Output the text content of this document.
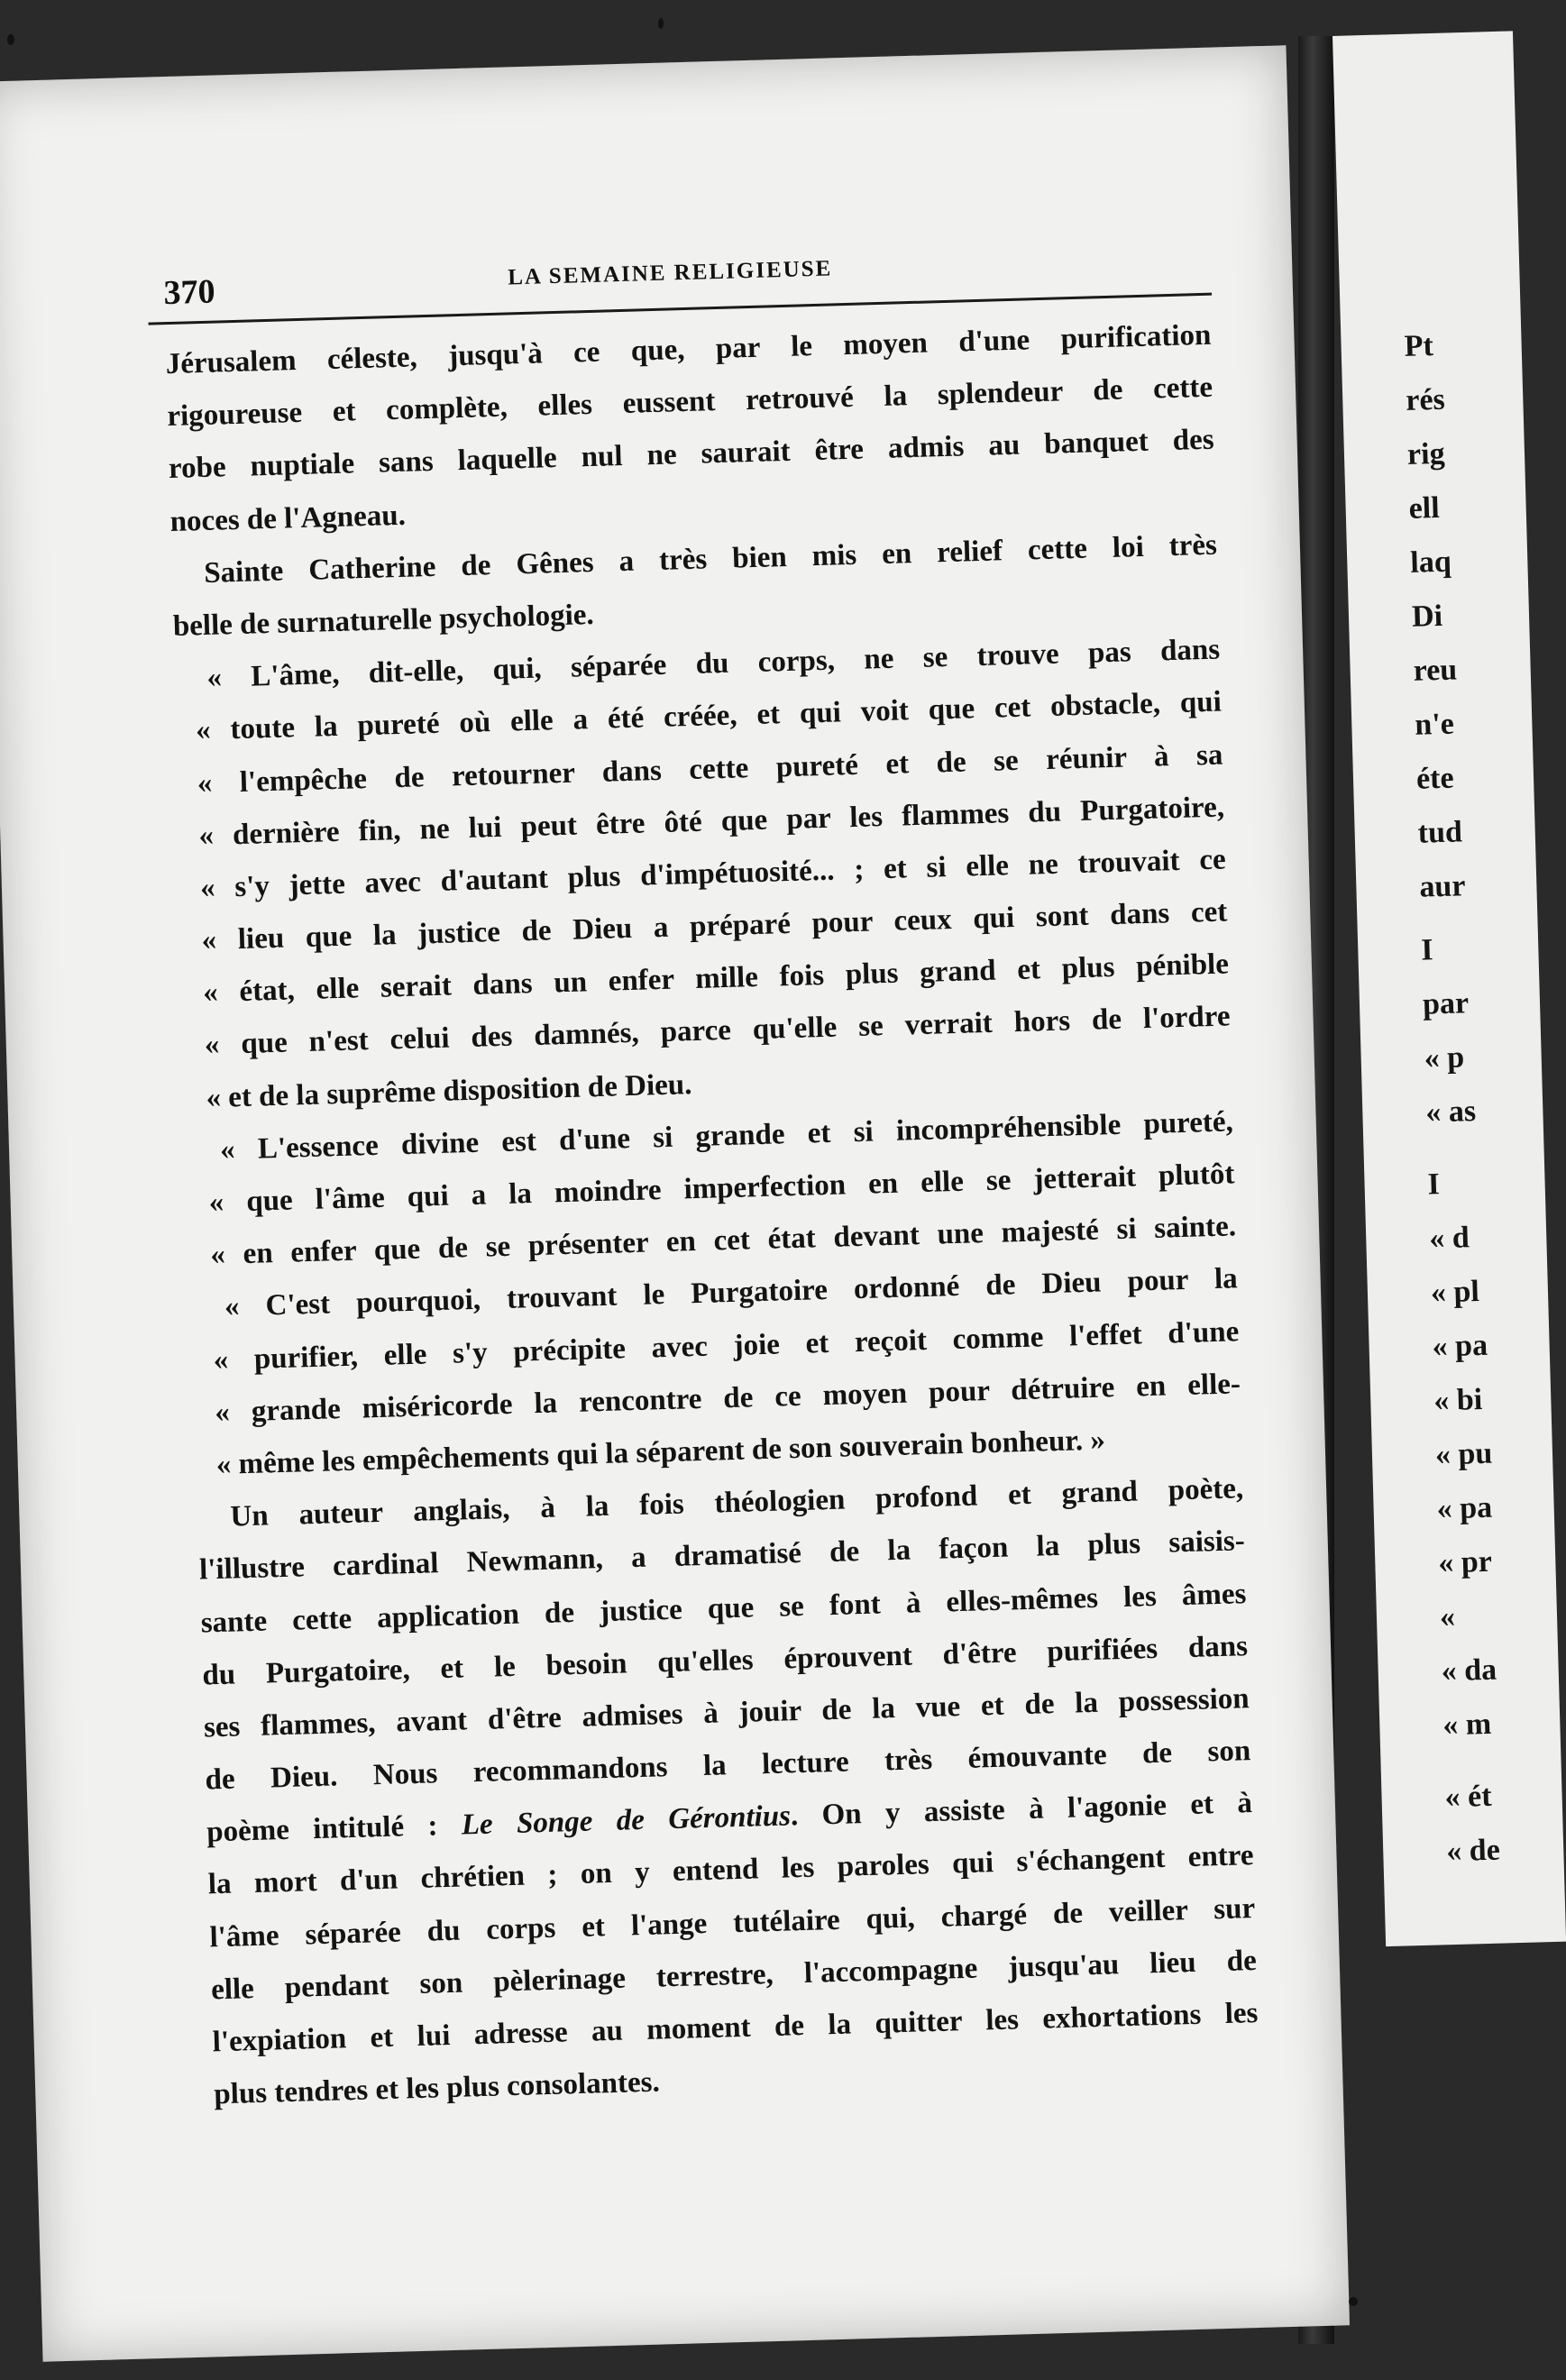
Pt
rés
rig
ell
laq
Di
reu
n'e
éte
tud
aur
I
par
« p
« as
I
« d
« pl
« pa
« bi
« pu
« pa
« pr
«
« da
« m
« ét
« de
370	LA SEMAINE RELIGIEUSE
Jérusalem céleste, jusqu'à ce que, par le moyen d'une purification
rigoureuse et complète, elles eussent retrouvé la splendeur de cette
robe nuptiale sans laquelle nul ne saurait être admis au banquet des
noces de l'Agneau.
Sainte Catherine de Gênes a très bien mis en relief cette loi très
belle de surnaturelle psychologie.
« L'âme, dit-elle, qui, séparée du corps, ne se trouve pas dans
« toute la pureté où elle a été créée, et qui voit que cet obstacle, qui
« l'empêche de retourner dans cette pureté et de se réunir à sa
« dernière fin, ne lui peut être ôté que par les flammes du Purgatoire,
« s'y jette avec d'autant plus d'impétuosité... ; et si elle ne trouvait ce
« lieu que la justice de Dieu a préparé pour ceux qui sont dans cet
« état, elle serait dans un enfer mille fois plus grand et plus pénible
« que n'est celui des damnés, parce qu'elle se verrait hors de l'ordre
« et de la suprême disposition de Dieu.
« L'essence divine est d'une si grande et si incompréhensible pureté,
« que l'âme qui a la moindre imperfection en elle se jetterait plutôt
« en enfer que de se présenter en cet état devant une majesté si sainte.
« C'est pourquoi, trouvant le Purgatoire ordonné de Dieu pour la
« purifier, elle s'y précipite avec joie et reçoit comme l'effet d'une
« grande miséricorde la rencontre de ce moyen pour détruire en elle-
« même les empêchements qui la séparent de son souverain bonheur. »
Un auteur anglais, à la fois théologien profond et grand poète,
l'illustre cardinal Newmann, a dramatisé de la façon la plus saisis-
sante cette application de justice que se font à elles-mêmes les âmes
du Purgatoire, et le besoin qu'elles éprouvent d'être purifiées dans
ses flammes, avant d'être admises à jouir de la vue et de la possession
de Dieu. Nous recommandons la lecture très émouvante de son
poème intitulé : Le Songe de Gérontius. On y assiste à l'agonie et à
la mort d'un chrétien ; on y entend les paroles qui s'échangent entre
l'âme séparée du corps et l'ange tutélaire qui, chargé de veiller sur
elle pendant son pèlerinage terrestre, l'accompagne jusqu'au lieu de
l'expiation et lui adresse au moment de la quitter les exhortations les
plus tendres et les plus consolantes.
